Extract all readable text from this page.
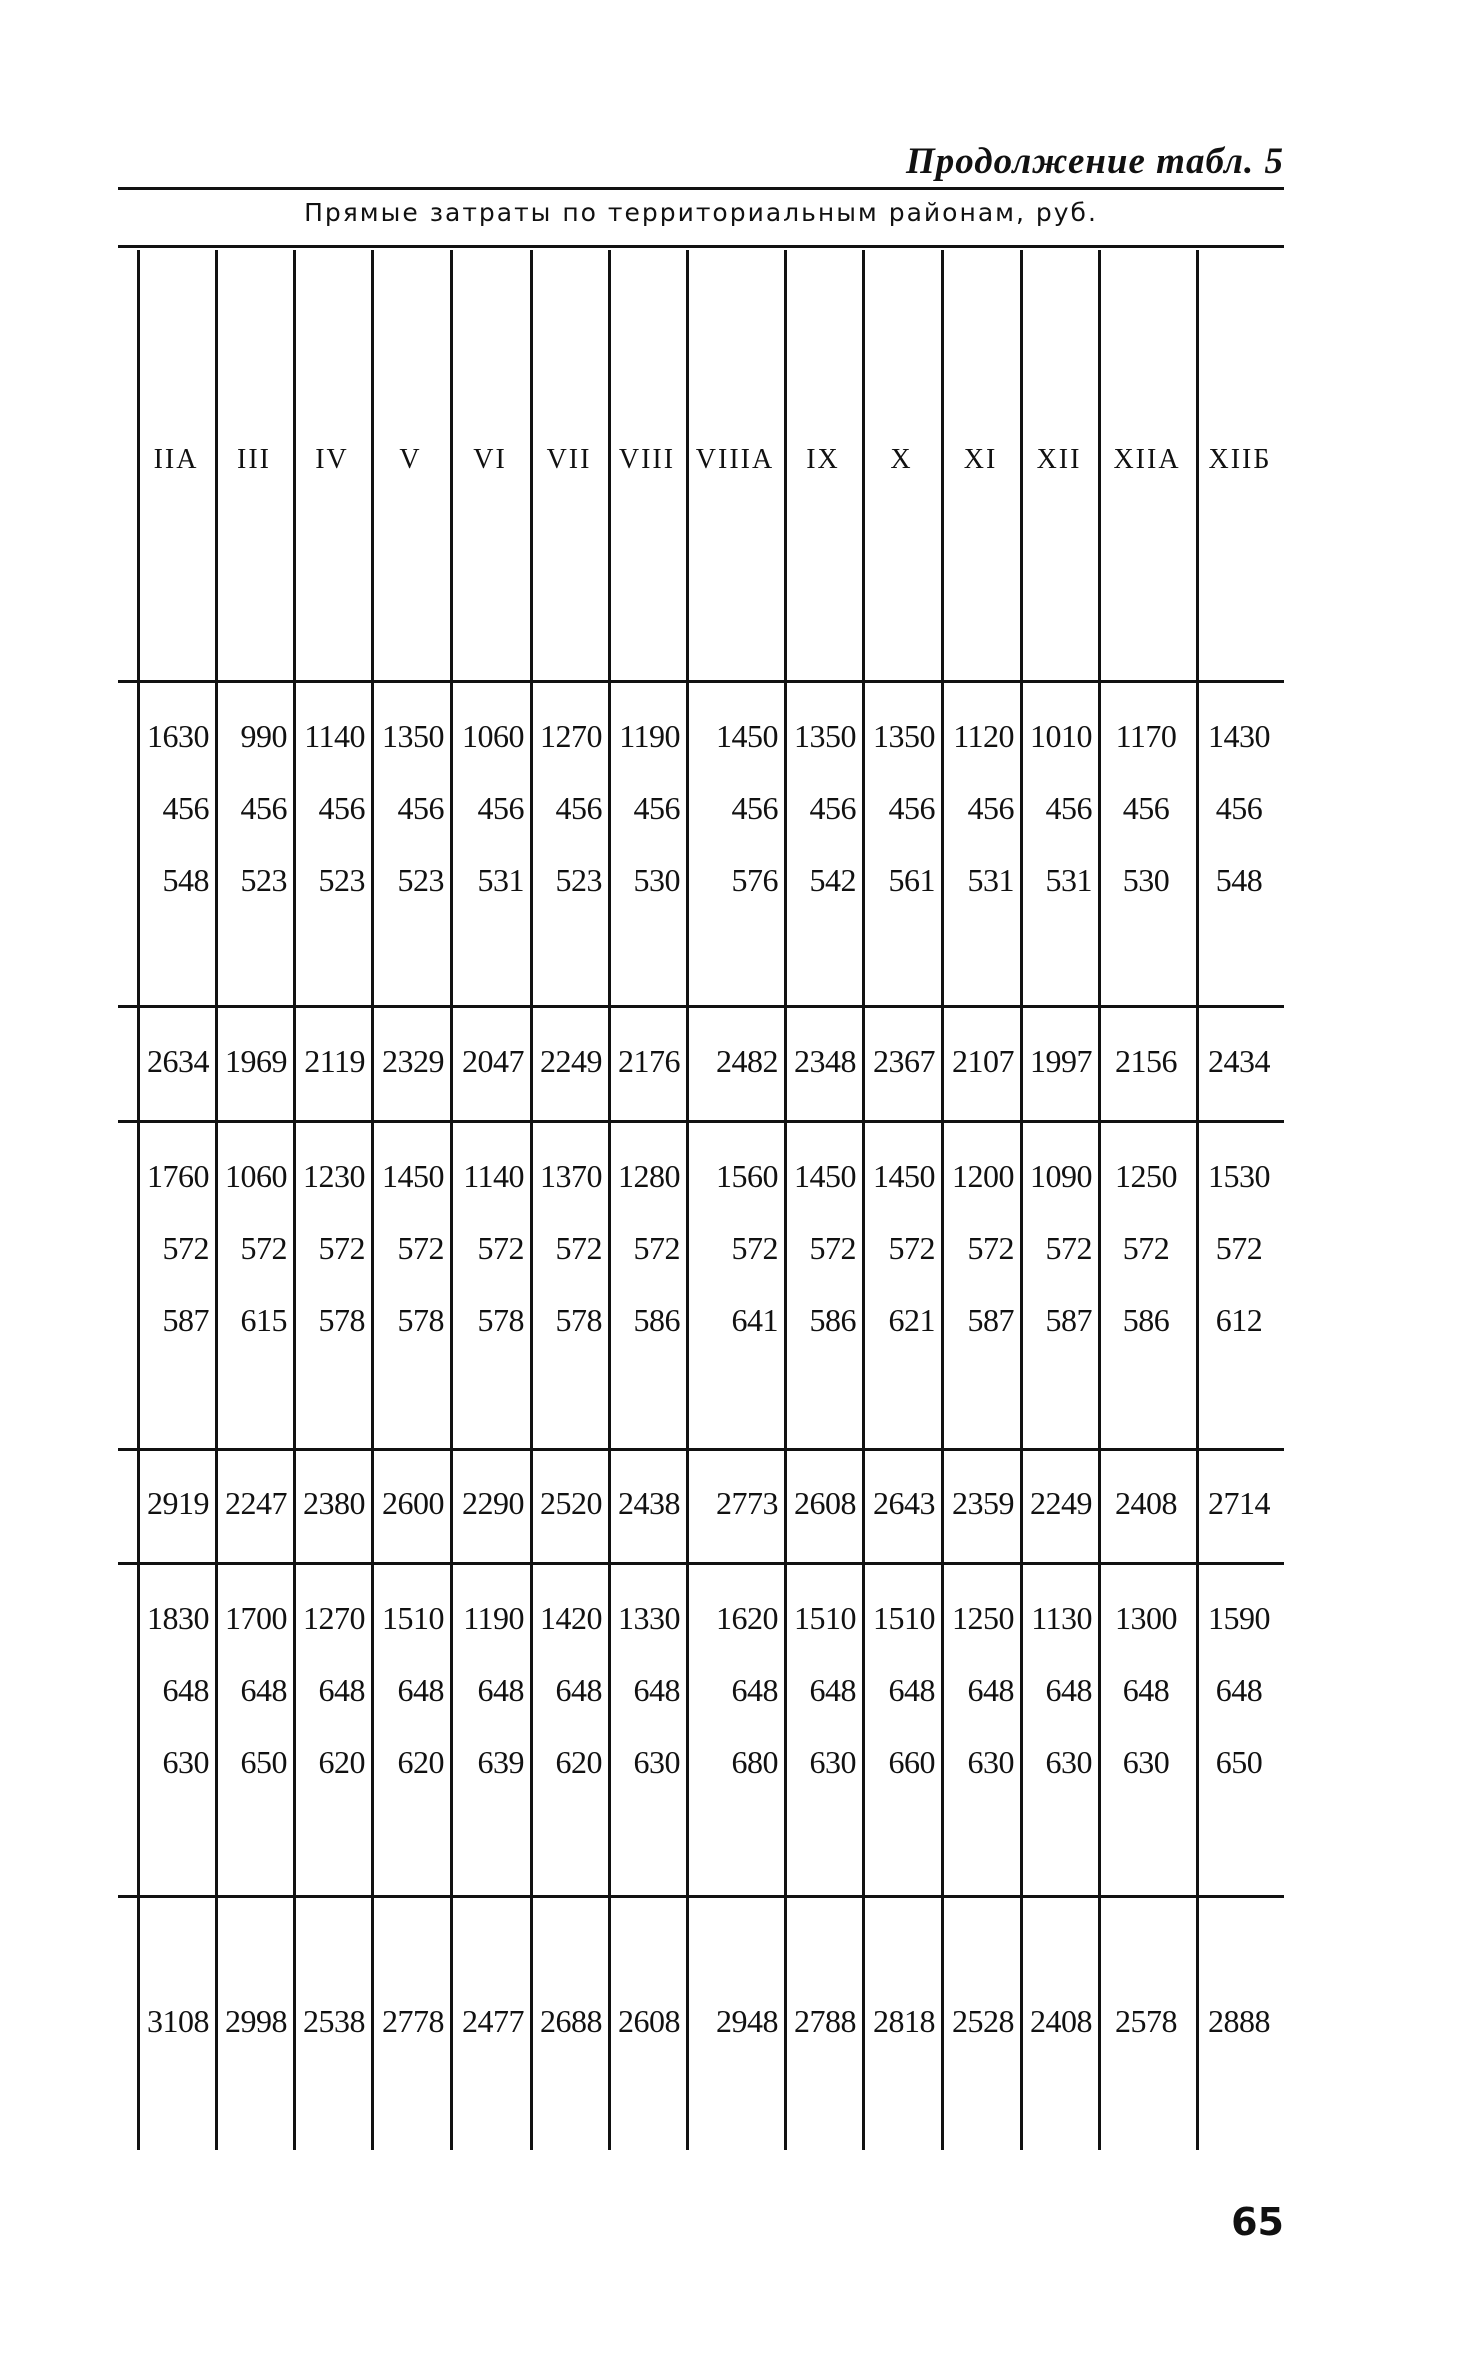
Продолжение табл. 5
Прямые затраты по территориальным районам, руб.
IIA	III	IV	V	VI	VII VIII VIIIA	IX	X	XI	XII	XIIA XIIБ
1630 990 1140 1350 1060 1270 1190	1450 1350 1350 1120 1010 1170 1430
456 456 456	456	456 456 456	456 456	456	456 456 456	456
548 523 523	523	531 523 530	576 542	561	531 531 530	548
2634 1969 2119 2329 2047 2249 2176	2482 2348 2367 2107 1997 2156 2434
1760 1060 1230 1450 1140 1370 1280	1560 1450 1450 1200 1090 1250 1530
572 572 572	572	572 572 572	572 572	572	572 572 572	572
587 615 578	578	578 578 586	641 586	621	587 587 586	612
2919 2247 2380 2600 2290 2520 2438	2773 2608 2643 2359 2249 2408 2714
1830 1700 1270 1510 1190 1420 1330	1620 1510 1510 1250 1130 1300 1590
648 648 648	648	648 648 648	648 648	648	648 648 648	648
630 650 620	620	639 620 630	680 630	660	630 630 630	650
3108 2998 2538 2778 2477 2688 2608	2948 2788 2818 2528 2408 2578 2888
65
